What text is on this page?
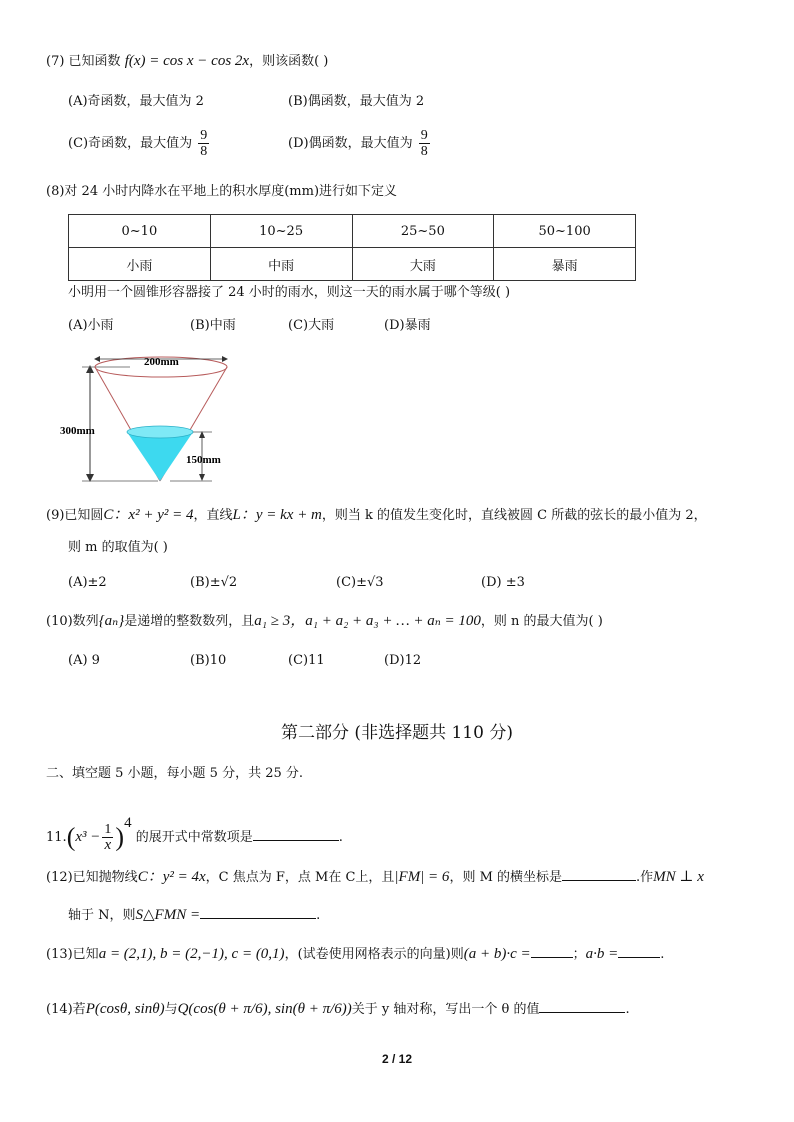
(7) 已知函数 f(x) = cos x − cos 2x，则该函数( )
(A)奇函数，最大值为 2	(B)偶函数，最大值为 2
(C)奇函数，最大值为 $\frac{9}{8}$	(D)偶函数，最大值为 $\frac{9}{8}$
(8)对 24 小时内降水在平地上的积水厚度(mm)进行如下定义
0~10	10~25	25~50	50~100
小雨	中雨	大雨	暴雨
小明用一个圆锥形容器接了 24 小时的雨水，则这一天的雨水属于哪个等级( )
(A)小雨	(B)中雨	(C)大雨	(D)暴雨
200mm
300mm
150mm
(9)已知圆C：x² + y² = 4，直线L：y = kx + m，则当 k 的值发生变化时，直线被圆 C 所截的弦长的最小值为 2，
则 m 的取值为( )
(A)±2	(B)±√2	(C)±√3	(D) ±3
(10)数列{aₙ}是递增的整数数列，且a₁ ≥ 3，a₁ + a₂ + a₃ + … + aₙ = 100，则 n 的最大值为( )
(A) 9	(B)10	(C)11	(D)12
第二部分 (非选择题共 110 分)
二、填空题 5 小题，每小题 5 分，共 25 分.
$11.(x^3 - \frac{1}{x} )^4$ 的展开式中常数项是	.
(12)已知抛物线C：y² = 4x，C 焦点为 F，点 M在 C上，且|FM| = 6，则 M 的横坐标是	.作MN ⊥ x
轴于 N，则S△FMN =	.
(13)已知a = (2,1), b = (2,−1), c = (0,1)，(试卷使用网格表示的向量)则(a + b)·c =	；a·b =	.
(14)若P(cosθ, sinθ)与Q(cos(θ + π/6), sin(θ + π/6))关于 y 轴对称，写出一个 θ 的值	.
2 / 12
